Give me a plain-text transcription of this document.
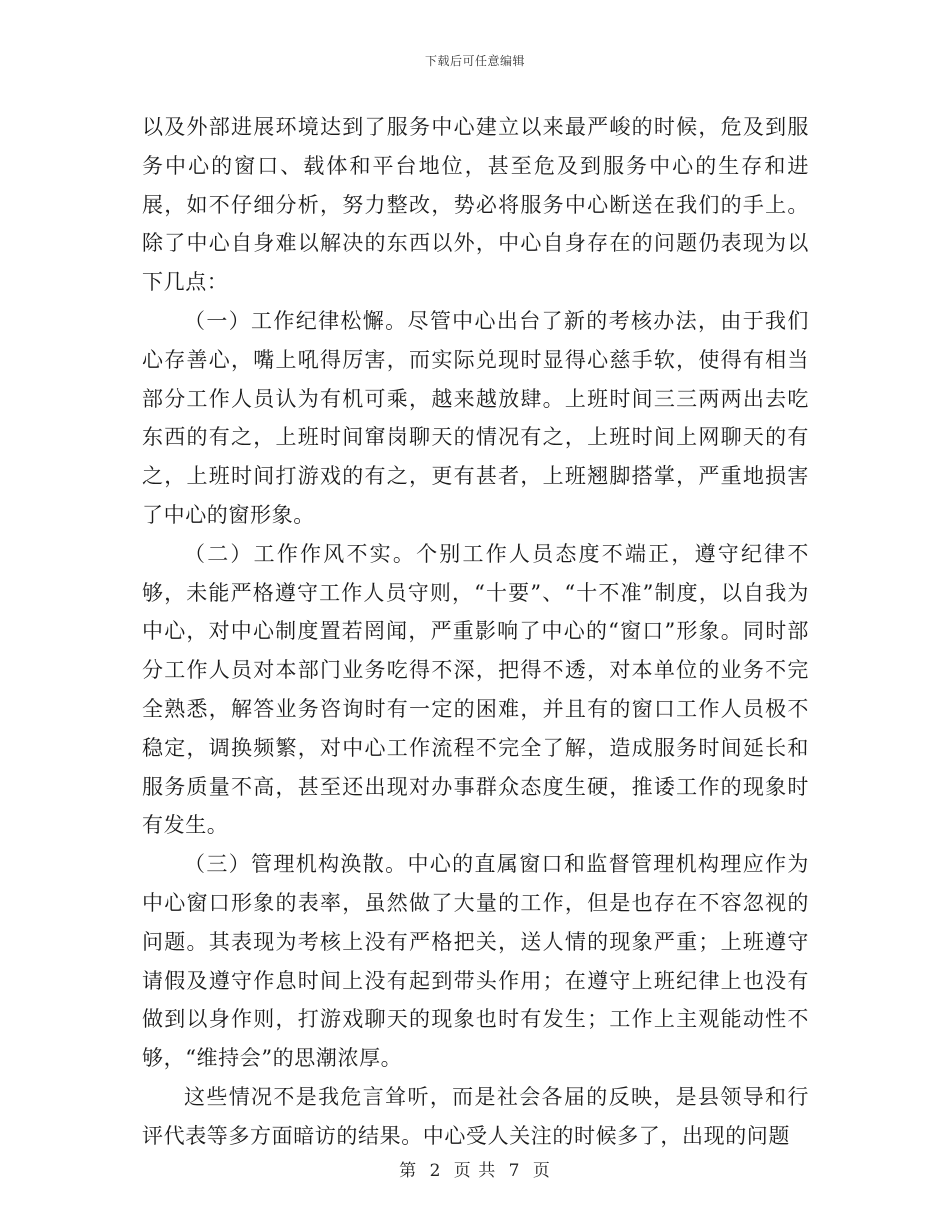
下载后可任意编辑

以及外部进展环境达到了服务中心建立以来最严峻的时候，危及到服务中心的窗口、载体和平台地位，甚至危及到服务中心的生存和进展，如不仔细分析，努力整改，势必将服务中心断送在我们的手上。除了中心自身难以解决的东西以外，中心自身存在的问题仍表现为以下几点：

（一）工作纪律松懈。尽管中心出台了新的考核办法，由于我们心存善心，嘴上吼得厉害，而实际兑现时显得心慈手软，使得有相当部分工作人员认为有机可乘，越来越放肆。上班时间三三两两出去吃东西的有之，上班时间窜岗聊天的情况有之，上班时间上网聊天的有之，上班时间打游戏的有之，更有甚者，上班翘脚搭掌，严重地损害了中心的窗形象。

（二）工作作风不实。个别工作人员态度不端正，遵守纪律不够，未能严格遵守工作人员守则，“十要”、“十不准”制度，以自我为中心，对中心制度置若罔闻，严重影响了中心的“窗口”形象。同时部分工作人员对本部门业务吃得不深，把得不透，对本单位的业务不完全熟悉，解答业务咨询时有一定的困难，并且有的窗口工作人员极不稳定，调换频繁，对中心工作流程不完全了解，造成服务时间延长和服务质量不高，甚至还出现对办事群众态度生硬，推诿工作的现象时有发生。

（三）管理机构涣散。中心的直属窗口和监督管理机构理应作为中心窗口形象的表率，虽然做了大量的工作，但是也存在不容忽视的问题。其表现为考核上没有严格把关，送人情的现象严重；上班遵守请假及遵守作息时间上没有起到带头作用；在遵守上班纪律上也没有做到以身作则，打游戏聊天的现象也时有发生；工作上主观能动性不够，“维持会”的思潮浓厚。

这些情况不是我危言耸听，而是社会各届的反映，是县领导和行评代表等多方面暗访的结果。中心受人关注的时候多了，出现的问题

第 2 页 共 7 页
